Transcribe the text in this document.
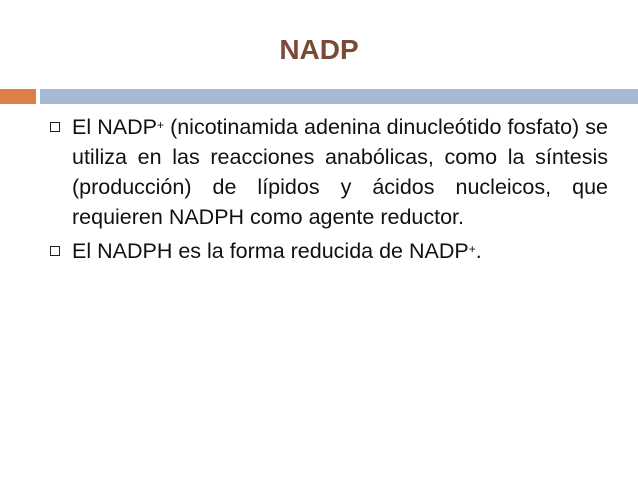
NADP
El NADP+ (nicotinamida adenina dinucleótido fosfato) se utiliza en las reacciones anabólicas, como la síntesis (producción) de lípidos y ácidos nucleicos, que requieren NADPH como agente reductor.
El NADPH es la forma reducida de NADP+.
